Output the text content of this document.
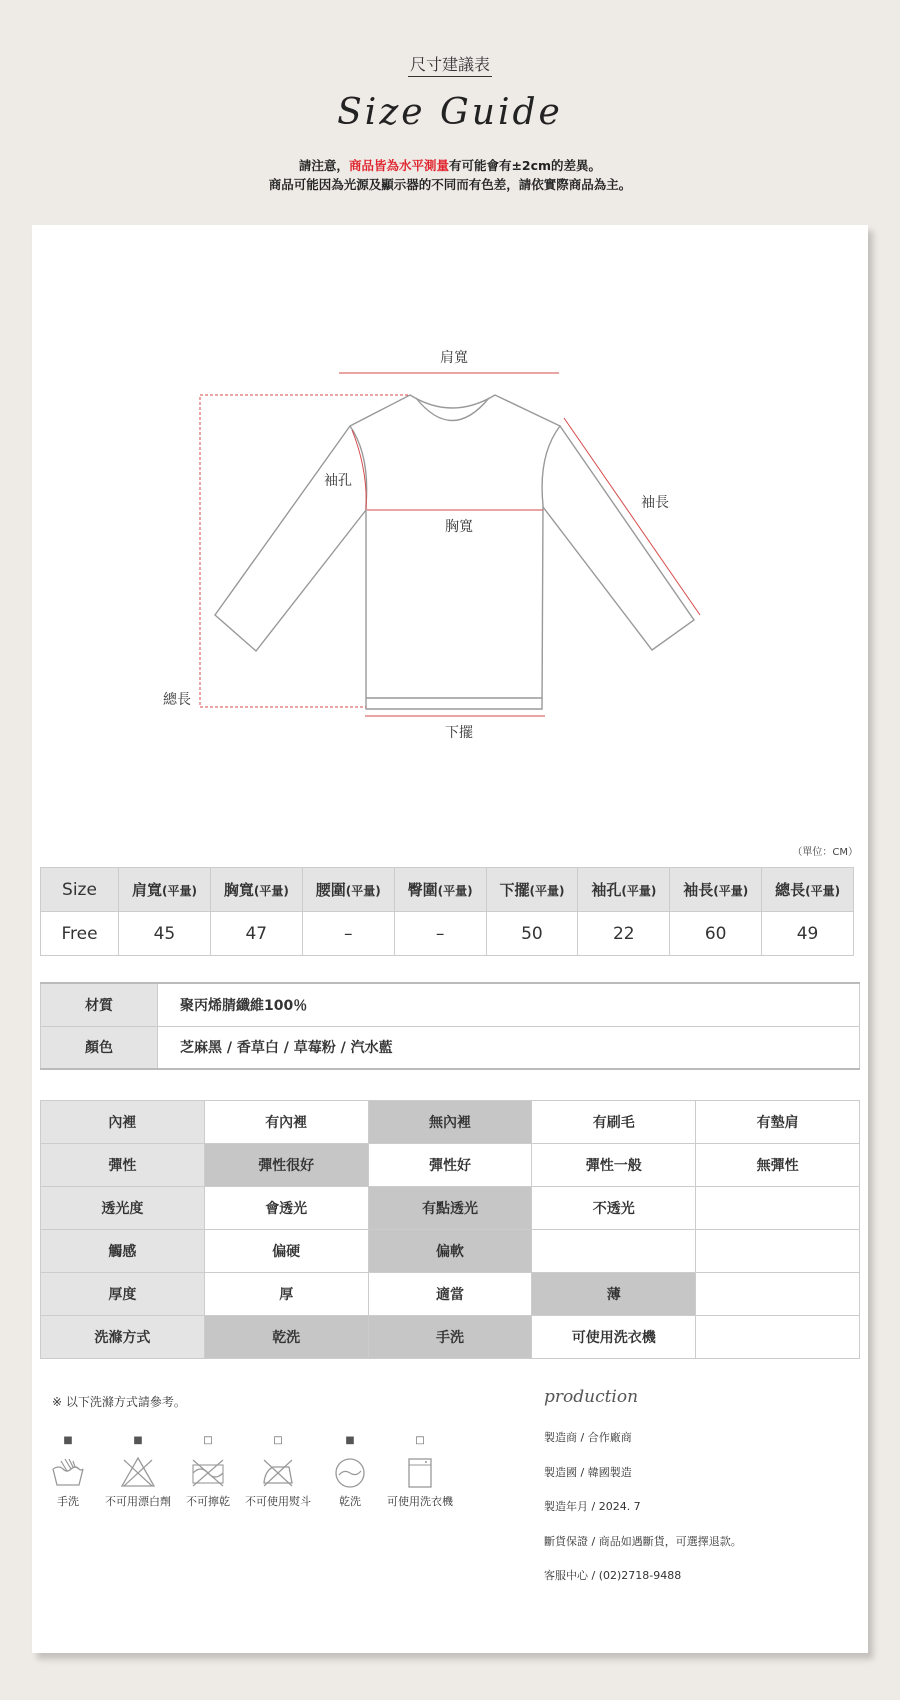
尺寸建議表
Size Guide
請注意，商品皆為水平測量有可能會有±2cm的差異。
商品可能因為光源及顯示器的不同而有色差，請依實際商品為主。
肩寬
袖孔
胸寬
袖長
總長
下擺
（單位：CM）
Size	肩寬(平量)	胸寬(平量)	腰圍(平量)	臀圍(平量)	下擺(平量)	袖孔(平量)	袖長(平量)	總長(平量)
Free	45	47	–	–	50	22	60	49
材質	聚丙烯腈纖維100％
顏色	芝麻黑 / 香草白 / 草莓粉 / 汽水藍
內裡	有內裡	無內裡	有刷毛	有墊肩
彈性	彈性很好	彈性好	彈性一般	無彈性
透光度	會透光	有點透光	不透光	
觸感	偏硬	偏軟		
厚度	厚	適當	薄	
洗滌方式	乾洗	手洗	可使用洗衣機	
※ 以下洗滌方式請參考。
■
手洗
■
不可用漂白劑
□
不可擰乾
□
不可使用熨斗
■
乾洗
□
可使用洗衣機
production
製造商 / 合作廠商
製造國 / 韓國製造
製造年月 / 2024. 7
斷貨保證 / 商品如遇斷貨，可選擇退款。
客服中心 / (02)2718-9488
